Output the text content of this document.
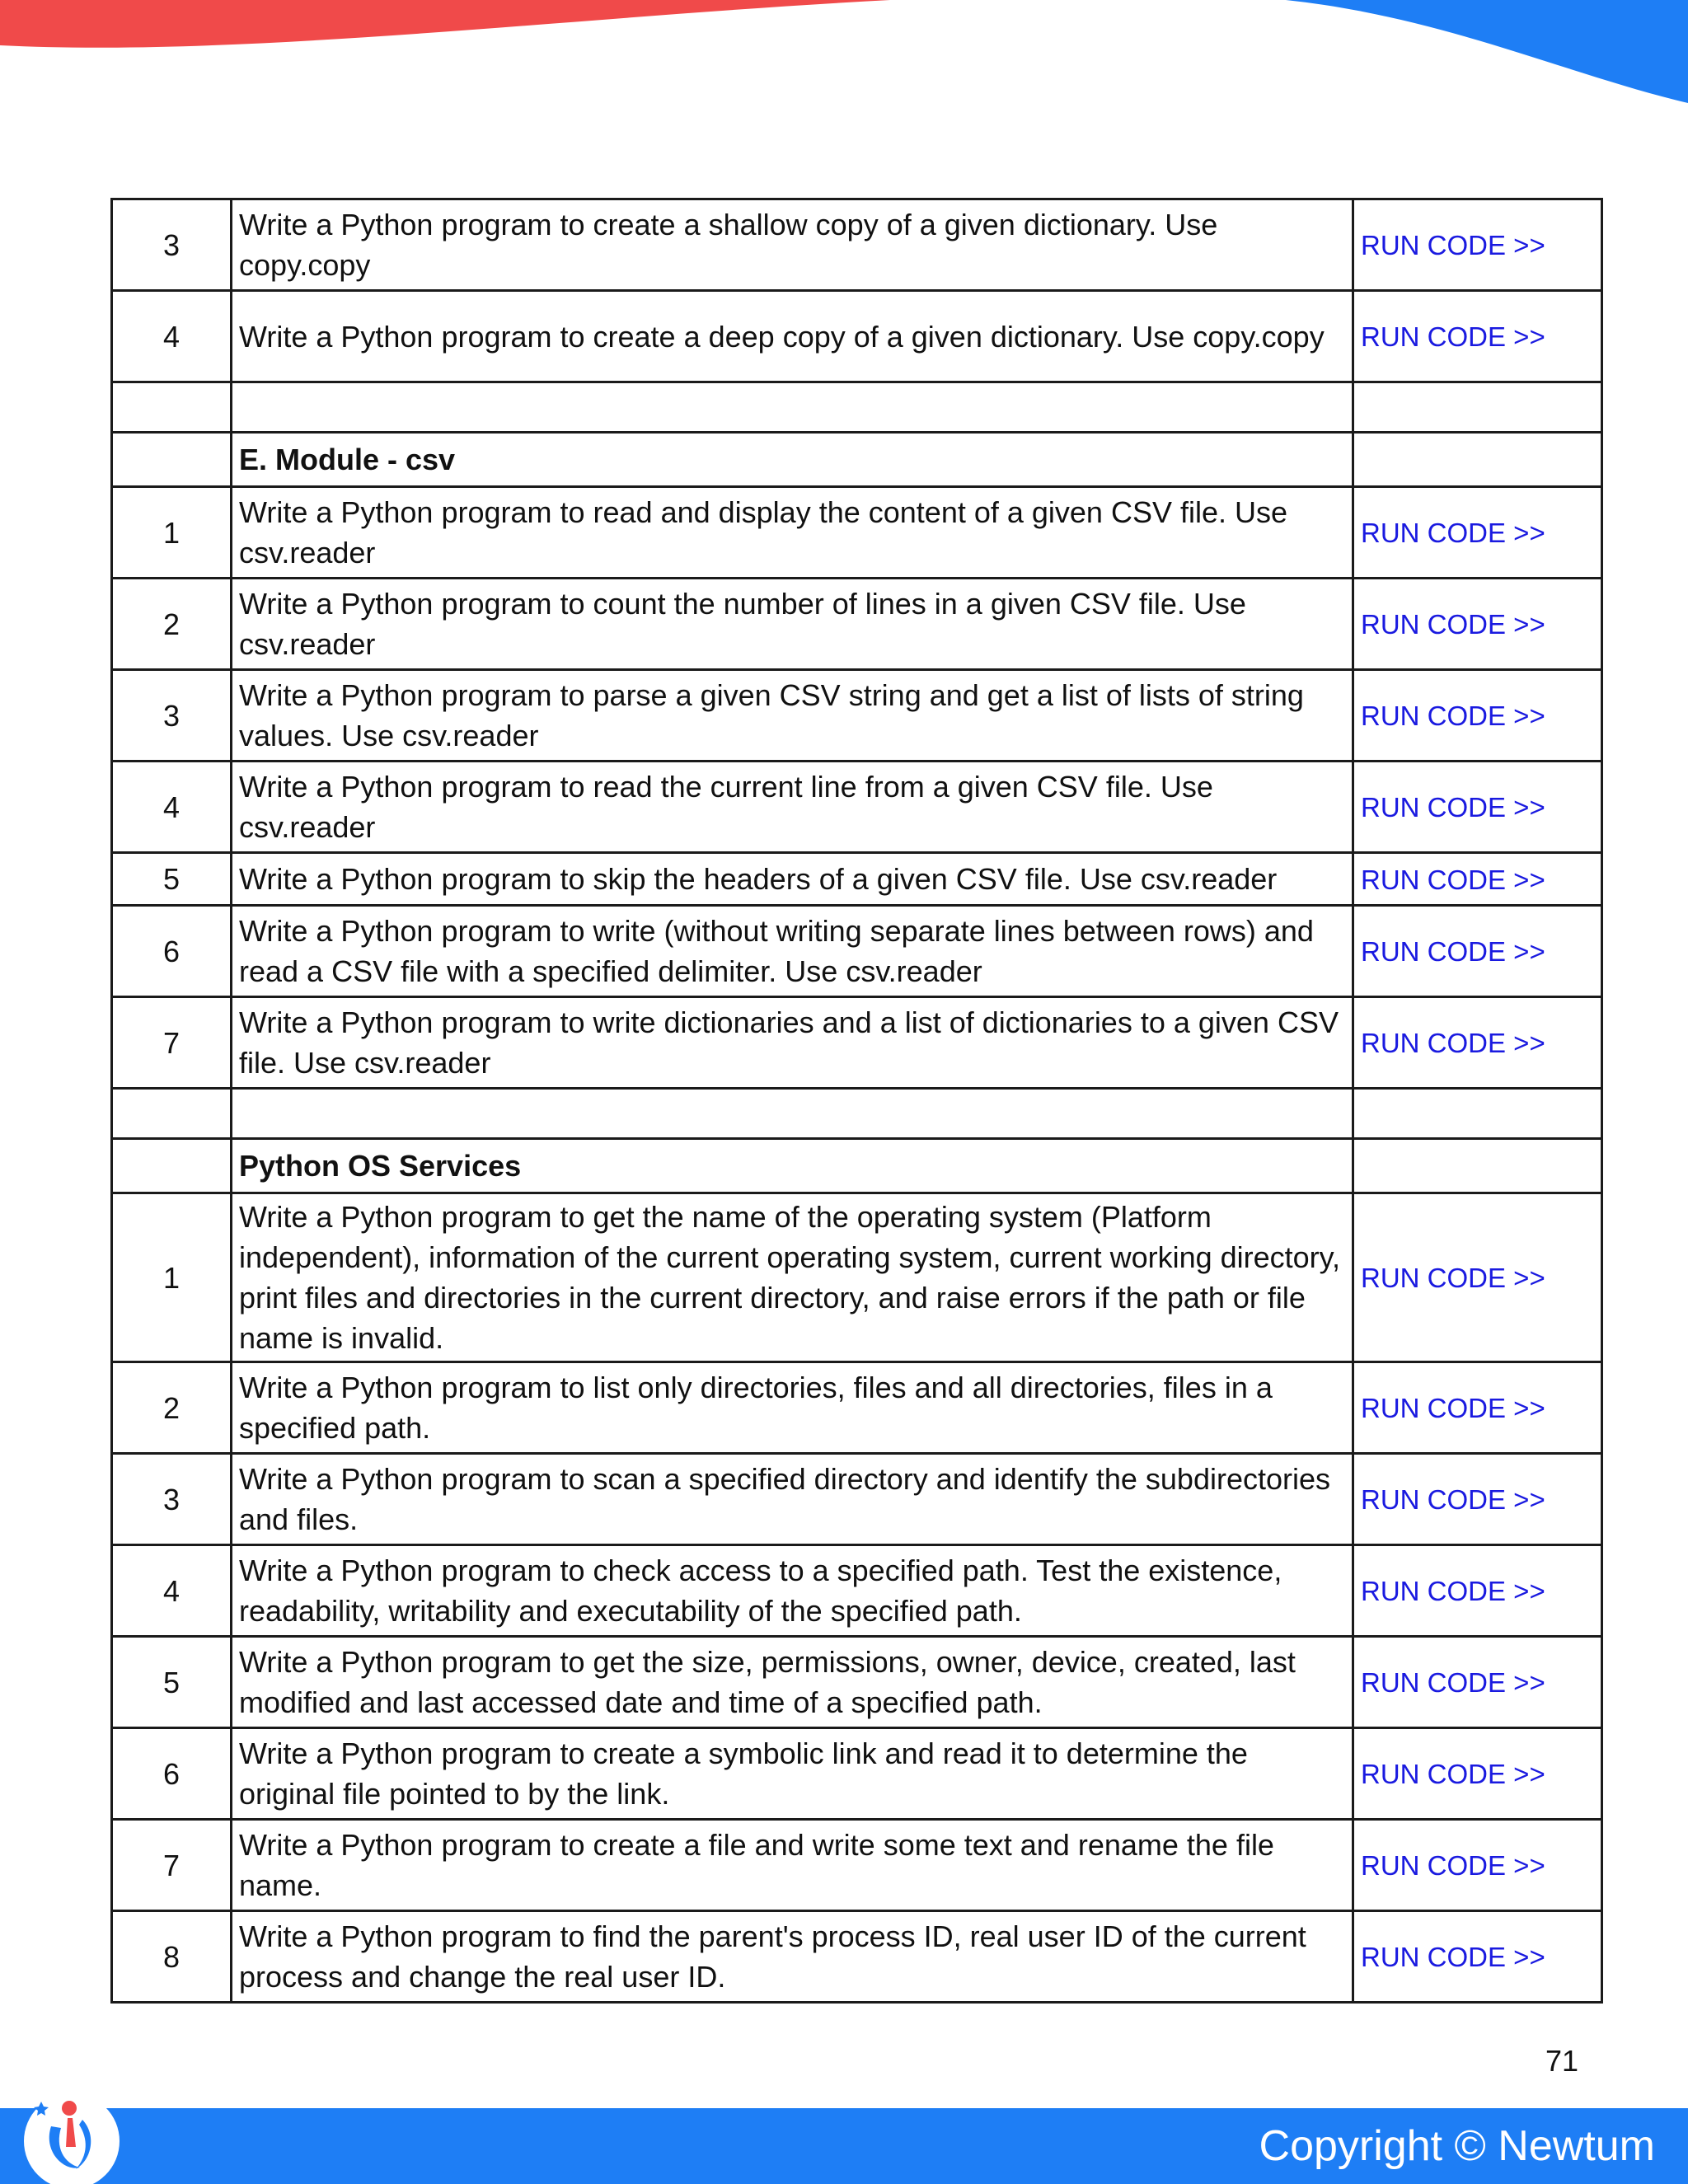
3	Write a Python program to create a shallow copy of a given dictionary. Use copy.copy	RUN CODE >>
4	Write a Python program to create a deep copy of a given dictionary. Use copy.copy	RUN CODE >>

	E. Module - csv	
1	Write a Python program to read and display the content of a given CSV file. Use csv.reader	RUN CODE >>
2	Write a Python program to count the number of lines in a given CSV file. Use csv.reader	RUN CODE >>
3	Write a Python program to parse a given CSV string and get a list of lists of string values. Use csv.reader	RUN CODE >>
4	Write a Python program to read the current line from a given CSV file. Use csv.reader	RUN CODE >>
5	Write a Python program to skip the headers of a given CSV file. Use csv.reader	RUN CODE >>
6	Write a Python program to write (without writing separate lines between rows) and read a CSV file with a specified delimiter. Use csv.reader	RUN CODE >>
7	Write a Python program to write dictionaries and a list of dictionaries to a given CSV file. Use csv.reader	RUN CODE >>

	Python OS Services	
1	Write a Python program to get the name of the operating system (Platform independent), information of the current operating system, current working directory, print files and directories in the current directory, and raise errors if the path or file name is invalid.	RUN CODE >>
2	Write a Python program to list only directories, files and all directories, files in a specified path.	RUN CODE >>
3	Write a Python program to scan a specified directory and identify the subdirectories and files.	RUN CODE >>
4	Write a Python program to check access to a specified path. Test the existence, readability, writability and executability of the specified path.	RUN CODE >>
5	Write a Python program to get the size, permissions, owner, device, created, last modified and last accessed date and time of a specified path.	RUN CODE >>
6	Write a Python program to create a symbolic link and read it to determine the original file pointed to by the link.	RUN CODE >>
7	Write a Python program to create a file and write some text and rename the file name.	RUN CODE >>
8	Write a Python program to find the parent's process ID, real user ID of the current process and change the real user ID.	RUN CODE >>
71
Copyright © Newtum
